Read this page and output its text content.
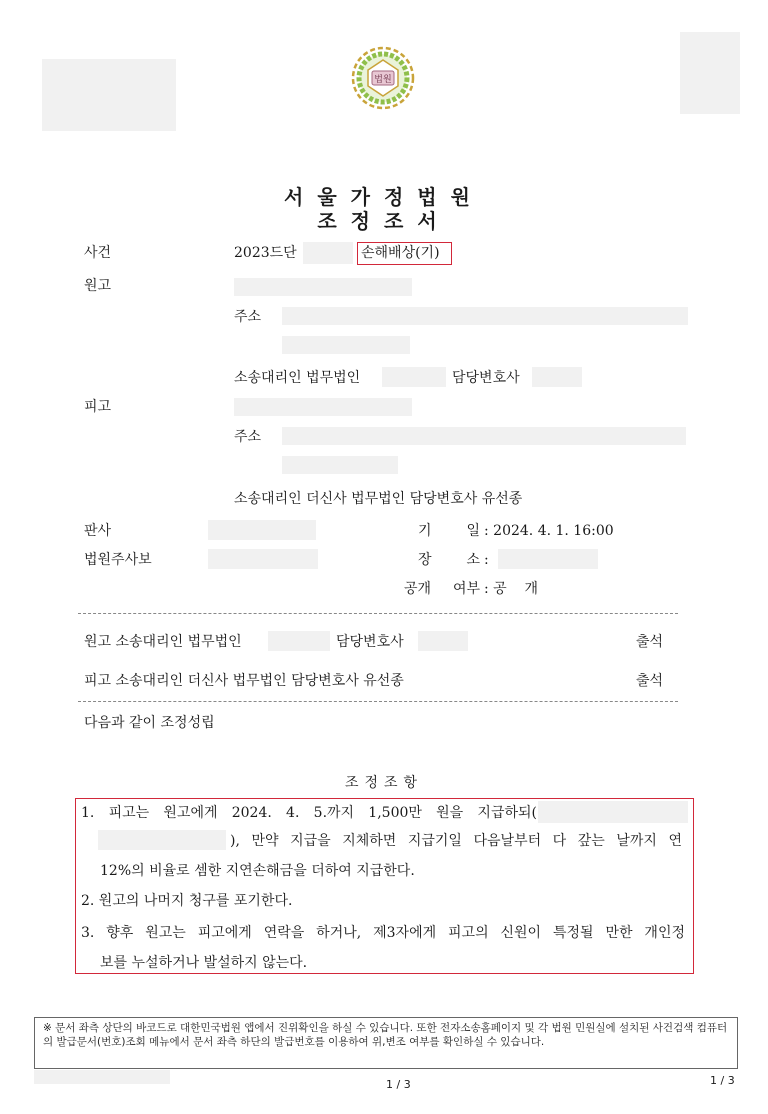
법원
서울가정법원
조정조서
사건	2023드단	손해배상(기)
원고
주소
소송대리인 법무법인	담당변호사
피고
주소
소송대리인 더신사 법무법인 담당변호사 유선종
판사
법원주사보
기 일 : 2024. 4. 1. 16:00
장 소 :
공개 여부 : 공    개
원고 소송대리인 법무법인	담당변호사	출석
피고 소송대리인 더신사 법무법인 담당변호사 유선종	출석
다음과 같이 조정성립
조정조항
1. 피고는 원고에게 2024. 4. 5.까지 1,500만 원을 지급하되(
), 만약 지급을 지체하면 지급기일 다음날부터 다 갚는 날까지 연
12%의 비율로 셈한 지연손해금을 더하여 지급한다.
2. 원고의 나머지 청구를 포기한다.
3. 향후 원고는 피고에게 연락을 하거나, 제3자에게 피고의 신원이 특정될 만한 개인정
보를 누설하거나 발설하지 않는다.
※ 문서 좌측 상단의 바코드로 대한민국법원 앱에서 진위확인을 하실 수 있습니다. 또한 전자소송홈페이지 및 각 법원 민원실에 설치된 사건검색 컴퓨터의 발급문서(번호)조회 메뉴에서 문서 좌측 하단의 발급번호를 이용하여 위,변조 여부를 확인하실 수 있습니다.
1 / 3	1 / 3
